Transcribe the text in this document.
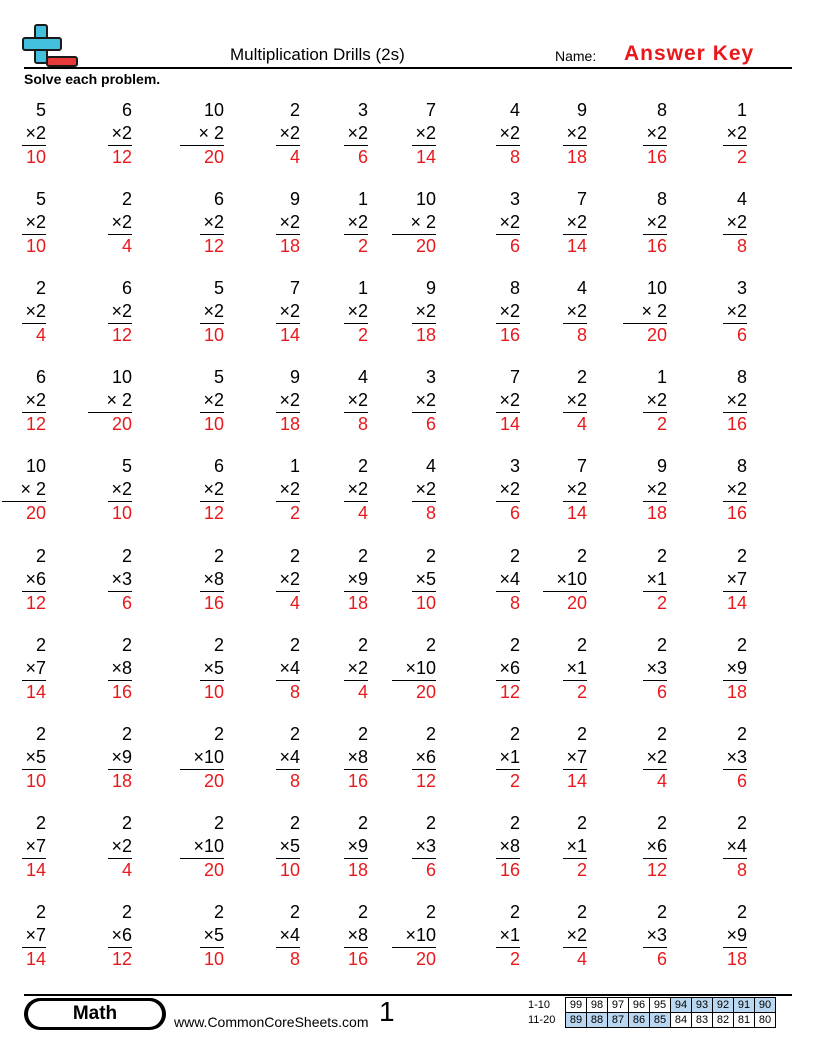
Multiplication Drills (2s)	Name: Answer Key
Solve each problem.
5
×2
10
6
×2
12
10
× 2
20
2
×2
4
3
×2
6
7
×2
14
4
×2
8
9
×2
18
8
×2
16
1
×2
2
5
×2
10
2
×2
4
6
×2
12
9
×2
18
1
×2
2
10
× 2
20
3
×2
6
7
×2
14
8
×2
16
4
×2
8
2
×2
4
6
×2
12
5
×2
10
7
×2
14
1
×2
2
9
×2
18
8
×2
16
4
×2
8
10
× 2
20
3
×2
6
6
×2
12
10
× 2
20
5
×2
10
9
×2
18
4
×2
8
3
×2
6
7
×2
14
2
×2
4
1
×2
2
8
×2
16
10
× 2
20
5
×2
10
6
×2
12
1
×2
2
2
×2
4
4
×2
8
3
×2
6
7
×2
14
9
×2
18
8
×2
16
2
×6
12
2
×3
6
2
×8
16
2
×2
4
2
×9
18
2
×5
10
2
×4
8
2
×10
20
2
×1
2
2
×7
14
2
×7
14
2
×8
16
2
×5
10
2
×4
8
2
×2
4
2
×10
20
2
×6
12
2
×1
2
2
×3
6
2
×9
18
2
×5
10
2
×9
18
2
×10
20
2
×4
8
2
×8
16
2
×6
12
2
×1
2
2
×7
14
2
×2
4
2
×3
6
2
×7
14
2
×2
4
2
×10
20
2
×5
10
2
×9
18
2
×3
6
2
×8
16
2
×1
2
2
×6
12
2
×4
8
2
×7
14
2
×6
12
2
×5
10
2
×4
8
2
×8
16
2
×10
20
2
×1
2
2
×2
4
2
×3
6
2
×9
18
Math	www.CommonCoreSheets.com 1	1-10	99	98	97	96	95	94	93	92	91	90
11-20	89	88	87	86	85	84	83	82	81	80
